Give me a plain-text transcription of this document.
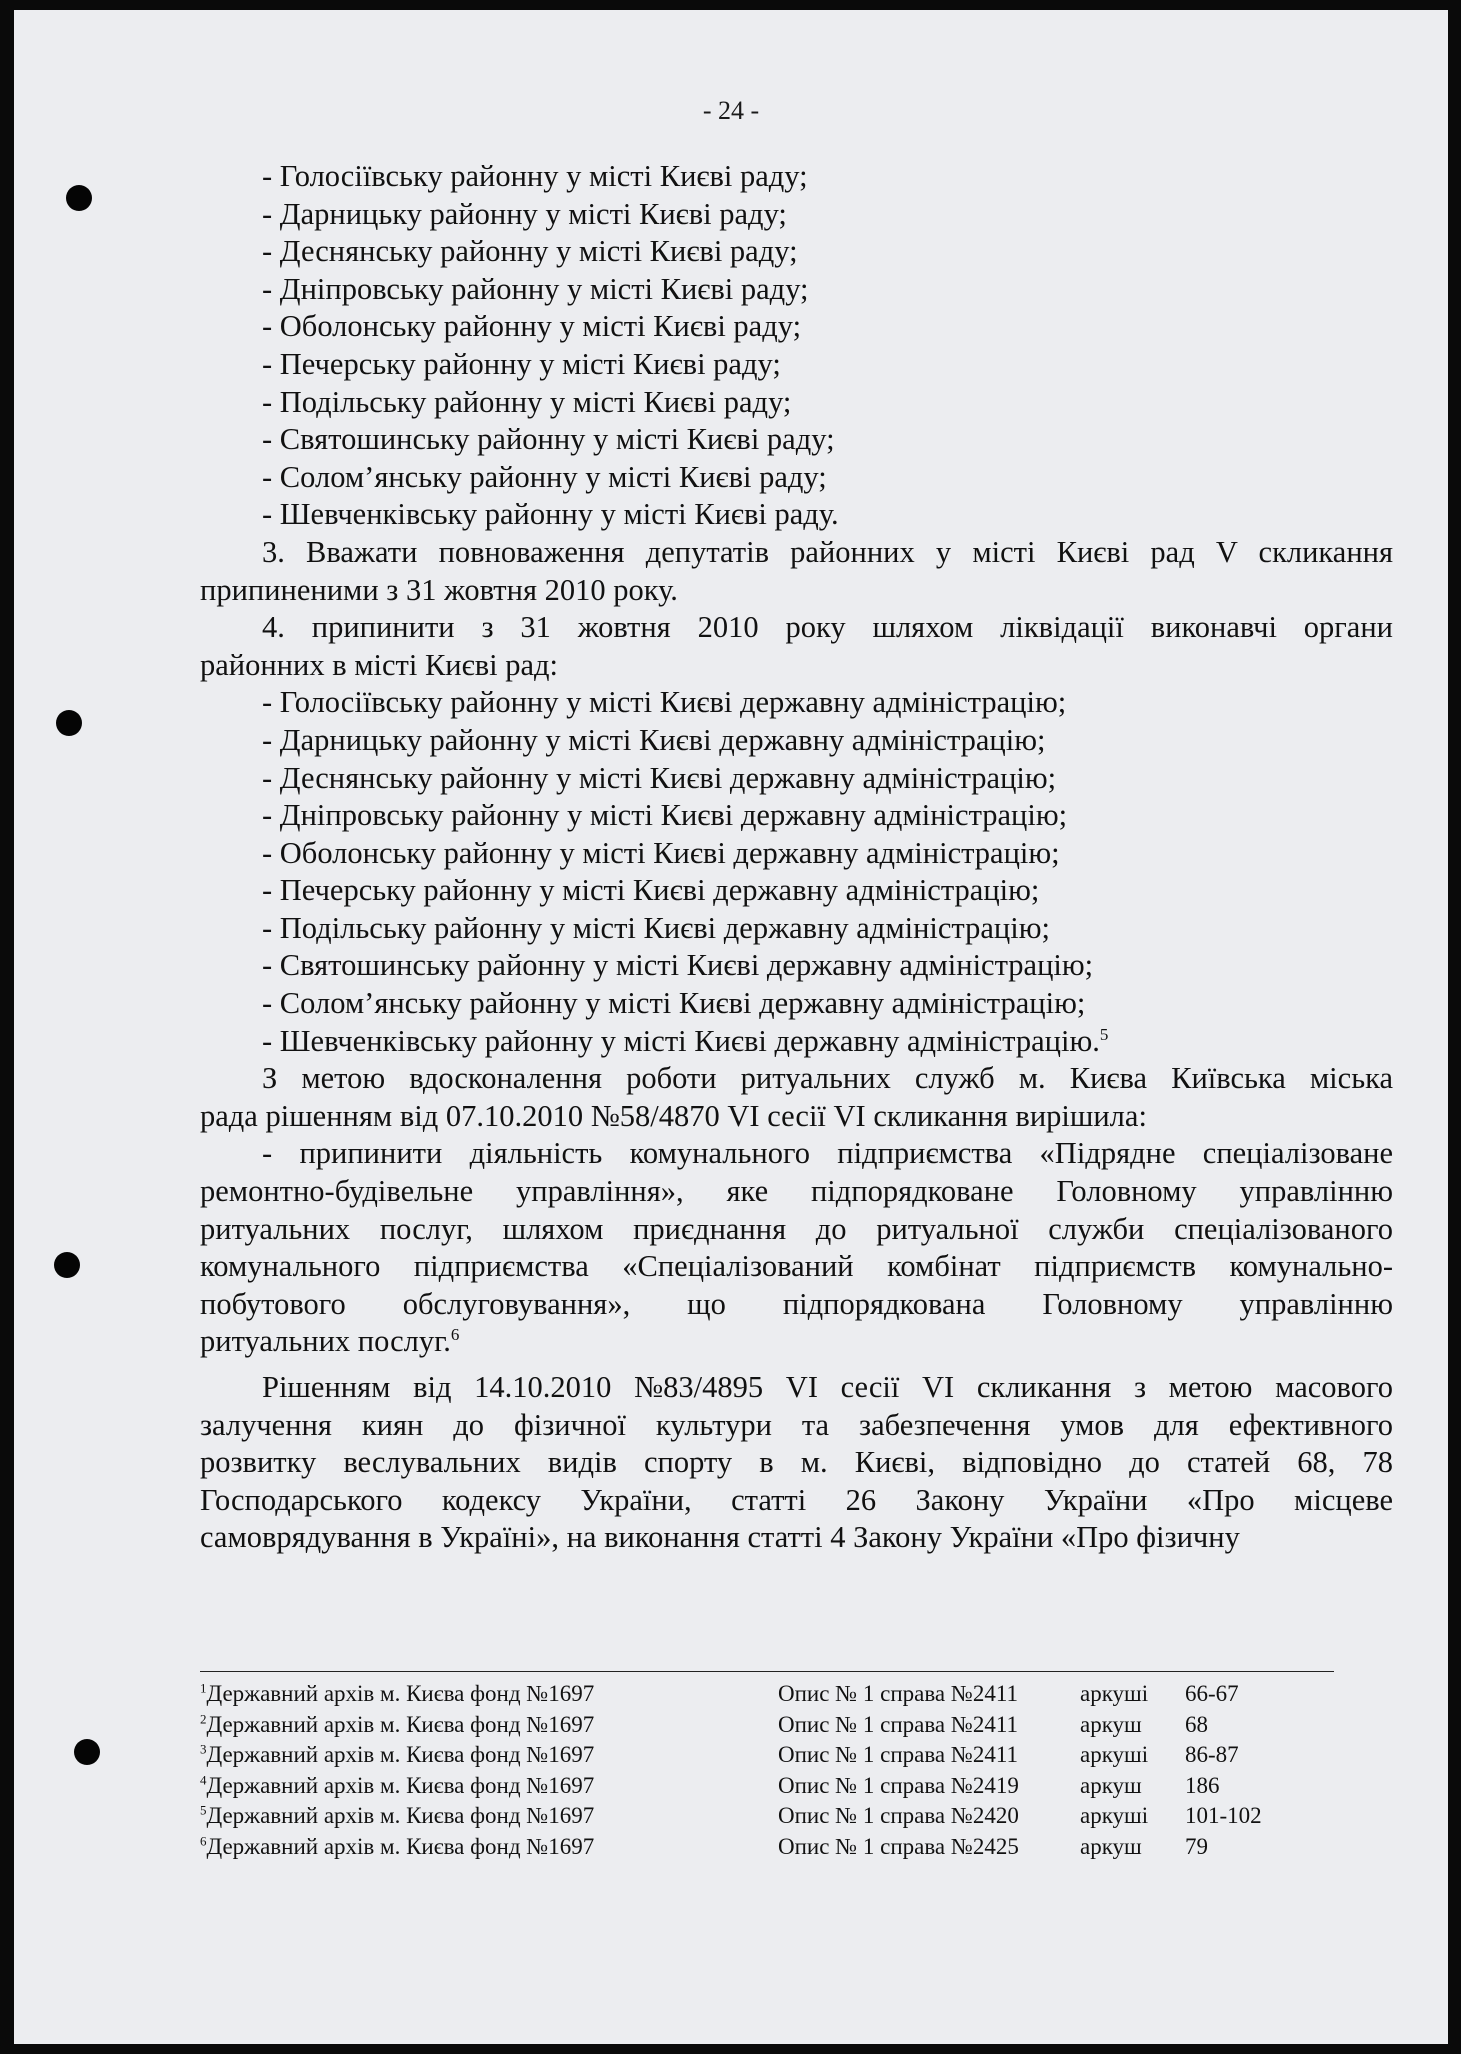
- 24 -
- Голосіївську районну у місті Києві раду;
- Дарницьку районну у місті Києві раду;
- Деснянську районну у місті Києві раду;
- Дніпровську районну у місті Києві раду;
- Оболонську районну у місті Києві раду;
- Печерську районну у місті Києві раду;
- Подільську районну у місті Києві раду;
- Святошинську районну у місті Києві раду;
- Солом’янську районну у місті Києві раду;
- Шевченківську районну у місті Києві раду.
3. Вважати повноваження депутатів районних у місті Києві рад V скликання
припиненими з 31 жовтня 2010 року.
4. припинити з 31 жовтня 2010 року шляхом ліквідації виконавчі органи
районних в місті Києві рад:
- Голосіївську районну у місті Києві державну адміністрацію;
- Дарницьку районну у місті Києві державну адміністрацію;
- Деснянську районну у місті Києві державну адміністрацію;
- Дніпровську районну у місті Києві державну адміністрацію;
- Оболонську районну у місті Києві державну адміністрацію;
- Печерську районну у місті Києві державну адміністрацію;
- Подільську районну у місті Києві державну адміністрацію;
- Святошинську районну у місті Києві державну адміністрацію;
- Солом’янську районну у місті Києві державну адміністрацію;
- Шевченківську районну у місті Києві державну адміністрацію.$^5$
З метою вдосконалення роботи ритуальних служб м. Києва Київська міська
рада рішенням від 07.10.2010 №58/4870 VI сесії VI скликання вирішила:
- припинити діяльність комунального підприємства «Підрядне спеціалізоване
ремонтно-будівельне управління», яке підпорядковане Головному управлінню
ритуальних послуг, шляхом приєднання до ритуальної служби спеціалізованого
комунального підприємства «Спеціалізований комбінат підприємств комунально-
побутового обслуговування», що підпорядкована Головному управлінню
ритуальних послуг.$^6$
Рішенням від 14.10.2010 №83/4895 VI сесії VI скликання з метою масового
залучення киян до фізичної культури та забезпечення умов для ефективного
розвитку веслувальних видів спорту в м. Києві, відповідно до статей 68, 78
Господарського кодексу України, статті 26 Закону України «Про місцеве
самоврядування в Україні», на виконання статті 4 Закону України «Про фізичну
$^1$Державний архів м. Києва фонд №1697	Опис № 1 справа №2411	аркуші 66-67
$^2$Державний архів м. Києва фонд №1697	Опис № 1 справа №2411	аркуш 68
$^3$Державний архів м. Києва фонд №1697	Опис № 1 справа №2411	аркуші 86-87
$^4$Державний архів м. Києва фонд №1697	Опис № 1 справа №2419	аркуш 186
$^5$Державний архів м. Києва фонд №1697	Опис № 1 справа №2420	аркуші 101-102
$^6$Державний архів м. Києва фонд №1697	Опис № 1 справа №2425	аркуш 79
